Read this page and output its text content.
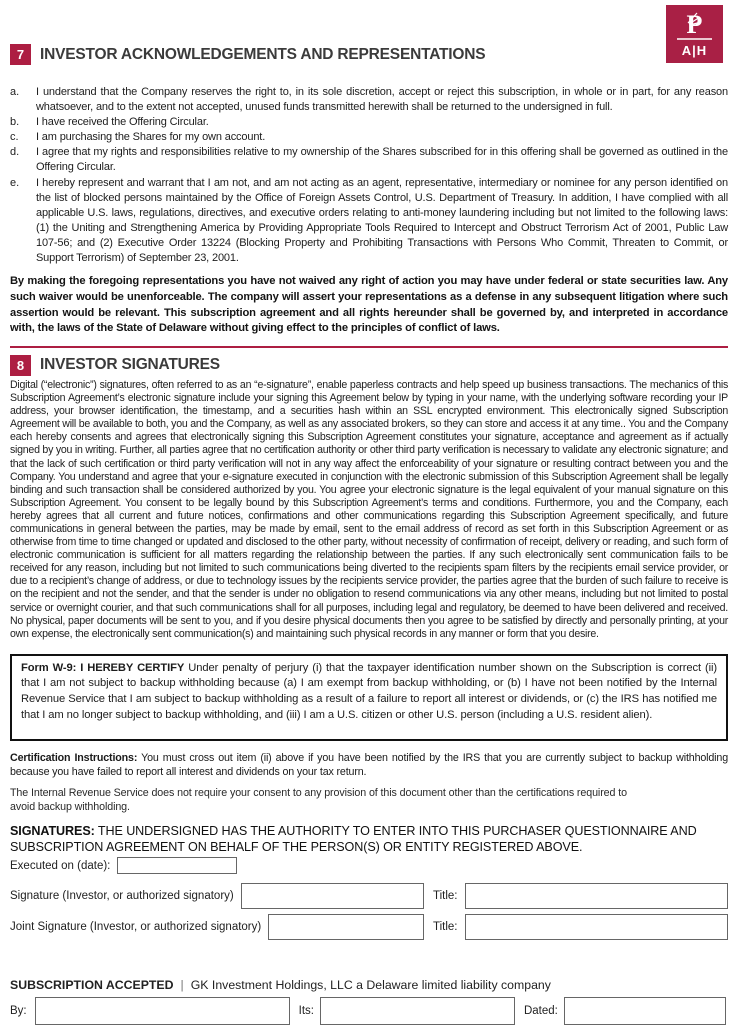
P
A|H
7	INVESTOR ACKNOWLEDGEMENTS AND REPRESENTATIONS
a.	I understand that the Company reserves the right to, in its sole discretion, accept or reject this subscription, in whole or in part, for any reason whatsoever, and to the extent not accepted, unused funds transmitted herewith shall be returned to the undersigned in full.
b.	I have received the Offering Circular.
c.	I am purchasing the Shares for my own account.
d.	I agree that my rights and responsibilities relative to my ownership of the Shares subscribed for in this offering shall be governed as outlined in the Offering Circular.
e.	I hereby represent and warrant that I am not, and am not acting as an agent, representative, intermediary or nominee for any person identified on the list of blocked persons maintained by the Office of Foreign Assets Control, U.S. Department of Treasury. In addition, I have complied with all applicable U.S. laws, regulations, directives, and executive orders relating to anti-money laundering including but not limited to the following laws: (1) the Uniting and Strengthening America by Providing Appropriate Tools Required to Intercept and Obstruct Terrorism Act of 2001, Public Law 107-56; and (2) Executive Order 13224 (Blocking Property and Prohibiting Transactions with Persons Who Commit, Threaten to Commit, or Support Terrorism) of September 23, 2001.

By making the foregoing representations you have not waived any right of action you may have under federal or state securities law. Any such waiver would be unenforceable. The company will assert your representations as a defense in any subsequent litigation where such assertion would be relevant. This subscription agreement and all rights hereunder shall be governed by, and interpreted in accordance with, the laws of the State of Delaware without giving effect to the principles of conflict of laws.

8	INVESTOR SIGNATURES

Digital (“electronic”) signatures, often referred to as an “e-signature”, enable paperless contracts and help speed up business transactions. The mechanics of this Subscription Agreement’s electronic signature include your signing this Agreement below by typing in your name, with the underlying software recording your IP address, your browser identification, the timestamp, and a securities hash within an SSL encrypted environment. This electronically signed Subscription Agreement will be available to both, you and the Company, as well as any associated brokers, so they can store and access it at any time.. You and the Company each hereby consents and agrees that electronically signing this Subscription Agreement constitutes your signature, acceptance and agreement as if actually signed by you in writing. Further, all parties agree that no certification authority or other third party verification is necessary to validate any electronic signature; and that the lack of such certification or third party verification will not in any way affect the enforceability of your signature or resulting contract between you and the Company. You understand and agree that your e-signature executed in conjunction with the electronic submission of this Subscription Agreement shall be legally binding and such transaction shall be considered authorized by you. You agree your electronic signature is the legal equivalent of your manual signature on this Subscription Agreement. You consent to be legally bound by this Subscription Agreement’s terms and conditions. Furthermore, you and the Company, each hereby agrees that all current and future notices, confirmations and other communications regarding this Subscription Agreement specifically, and future communications in general between the parties, may be made by email, sent to the email address of record as set forth in this Subscription Agreement or as otherwise from time to time changed or updated and disclosed to the other party, without necessity of confirmation of receipt, delivery or reading, and such form of electronic communication is sufficient for all matters regarding the relationship between the parties. If any such electronically sent communication fails to be received for any reason, including but not limited to such communications being diverted to the recipients spam filters by the recipients email service provider, or due to a recipient’s change of address, or due to technology issues by the recipients service provider, the parties agree that the burden of such failure to receive is on the recipient and not the sender, and that the sender is under no obligation to resend communications via any other means, including but not limited to postal service or overnight courier, and that such communications shall for all purposes, including legal and regulatory, be deemed to have been delivered and received. No physical, paper documents will be sent to you, and if you desire physical documents then you agree to be satisfied by directly and personally printing, at your own expense, the electronically sent communication(s) and maintaining such physical records in any manner or form that you desire.

Form W-9: I HEREBY CERTIFY Under penalty of perjury (i) that the taxpayer identification number shown on the Subscription is correct (ii) that I am not subject to backup withholding because (a) I am exempt from backup withholding, or (b) I have not been notified by the Internal Revenue Service that I am subject to backup withholding as a result of a failure to report all interest or dividends, or (c) the IRS has notified me that I am no longer subject to backup withholding, and (iii) I am a U.S. citizen or other U.S. person (including a U.S. resident alien).

Certification Instructions: You must cross out item (ii) above if you have been notified by the IRS that you are currently subject to backup withholding because you have failed to report all interest and dividends on your tax return.

The Internal Revenue Service does not require your consent to any provision of this document other than the certifications required to avoid backup withholding.

SIGNATURES: THE UNDERSIGNED HAS THE AUTHORITY TO ENTER INTO THIS PURCHASER QUESTIONNAIRE AND SUBSCRIPTION AGREEMENT ON BEHALF OF THE PERSON(S) OR ENTITY REGISTERED ABOVE.

Executed on (date):
Signature (Investor, or authorized signatory)	Title:
Joint Signature (Investor, or authorized signatory)	Title:
SUBSCRIPTION ACCEPTED | GK Investment Holdings, LLC a Delaware limited liability company
By:	Its:	Dated:
